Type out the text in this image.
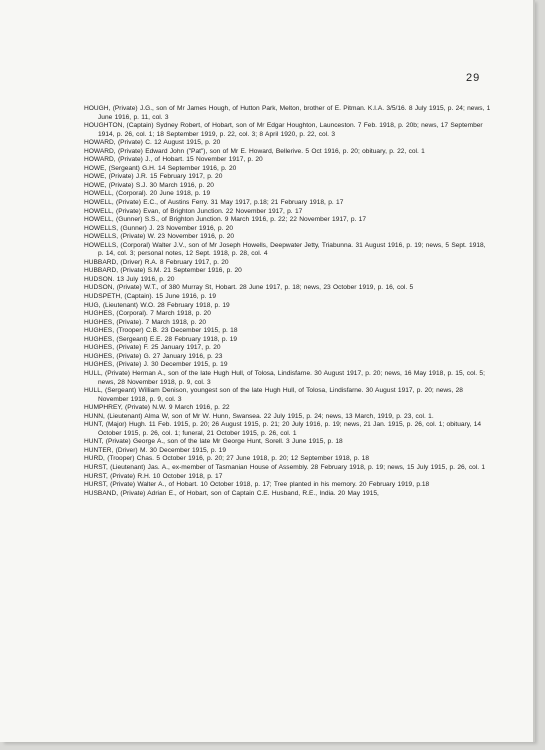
29

HOUGH, (Private) J.G., son of Mr James Hough, of Hutton Park, Melton, brother of E. Pitman. K.I.A. 3/5/16. 8 July 1915, p. 24; news, 1 June 1916, p. 11, col. 3

HOUGHTON, (Captain) Sydney Robert, of Hobart, son of Mr Edgar Houghton, Launceston. 7 Feb. 1918, p. 20b; news, 17 September 1914, p. 26, col. 1; 18 September 1919, p. 22, col. 3; 8 April 1920, p. 22, col. 3

HOWARD, (Private) C. 12 August 1915, p. 20

HOWARD, (Private) Edward John ("Pat"), son of Mr E. Howard, Bellerive. 5 Oct 1916, p. 20; obituary, p. 22, col. 1

HOWARD, (Private) J., of Hobart. 15 November 1917, p. 20

HOWE, (Sergeant) G.H. 14 September 1916, p. 20

HOWE, (Private) J.R. 15 February 1917, p. 20

HOWE, (Private) S.J. 30 March 1916, p. 20

HOWELL, (Corporal). 20 June 1918, p. 19

HOWELL, (Private) E.C., of Austins Ferry. 31 May 1917, p.18; 21 February 1918, p. 17

HOWELL, (Private) Evan, of Brighton Junction. 22 November 1917, p. 17

HOWELL, (Gunner) S.S., of Brighton Junction. 9 March 1916, p. 22; 22 November 1917, p. 17

HOWELLS, (Gunner) J. 23 November 1916, p. 20

HOWELLS, (Private) W. 23 November 1916, p. 20

HOWELLS, (Corporal) Walter J.V., son of Mr Joseph Howells, Deepwater Jetty, Triabunna. 31 August 1916, p. 19; news, 5 Sept. 1918, p. 14, col. 3; personal notes, 12 Sept. 1918, p. 28, col. 4

HUBBARD, (Driver) R.A. 8 February 1917, p. 20

HUBBARD, (Private) S.M. 21 September 1916, p. 20

HUDSON. 13 July 1916, p. 20

HUDSON, (Private) W.T., of 380 Murray St, Hobart. 28 June 1917, p. 18; news, 23 October 1919, p. 16, col. 5

HUDSPETH, (Captain). 15 June 1916, p. 19

HUG, (Lieutenant) W.O. 28 February 1918, p. 19

HUGHES, (Corporal). 7 March 1918, p. 20

HUGHES, (Private). 7 March 1918, p. 20

HUGHES, (Trooper) C.B. 23 December 1915, p. 18

HUGHES, (Sergeant) E.E. 28 February 1918, p. 19

HUGHES, (Private) F. 25 January 1917, p. 20

HUGHES, (Private) G. 27 January 1916, p. 23

HUGHES, (Private) J. 30 December 1915, p. 19

HULL, (Private) Herman A., son of the late Hugh Hull, of Tolosa, Lindisfarne. 30 August 1917, p. 20; news, 16 May 1918, p. 15, col. 5; news, 28 November 1918, p. 9, col. 3

HULL, (Sergeant) William Denison, youngest son of the late Hugh Hull, of Tolosa, Lindisfarne. 30 August 1917, p. 20; news, 28 November 1918, p. 9, col. 3

HUMPHREY, (Private) N.W. 9 March 1916, p. 22

HUNN, (Lieutenant) Alma W, son of Mr W. Hunn, Swansea. 22 July 1915, p. 24; news, 13 March, 1919, p. 23, col. 1.

HUNT, (Major) Hugh. 11 Feb. 1915, p. 20; 26 August 1915, p. 21; 20 July 1916, p. 19; news, 21 Jan. 1915, p. 26, col. 1; obituary, 14 October 1915, p. 26, col. 1; funeral, 21 October 1915, p. 26, col. 1

HUNT, (Private) George A., son of the late Mr George Hunt, Sorell. 3 June 1915, p. 18

HUNTER, (Driver) M. 30 December 1915, p. 19

HURD, (Trooper) Chas. 5 October 1916, p. 20; 27 June 1918, p. 20; 12 September 1918, p. 18

HURST, (Lieutenant) Jas. A., ex-member of Tasmanian House of Assembly. 28 February 1918, p. 19; news, 15 July 1915, p. 26, col. 1

HURST, (Private) R.H. 10 October 1918, p. 17

HURST, (Private) Walter A., of Hobart. 10 October 1918, p. 17; Tree planted in his memory. 20 February 1919, p.18

HUSBAND, (Private) Adrian E., of Hobart, son of Captain C.E. Husband, R.E., India. 20 May 1915,
